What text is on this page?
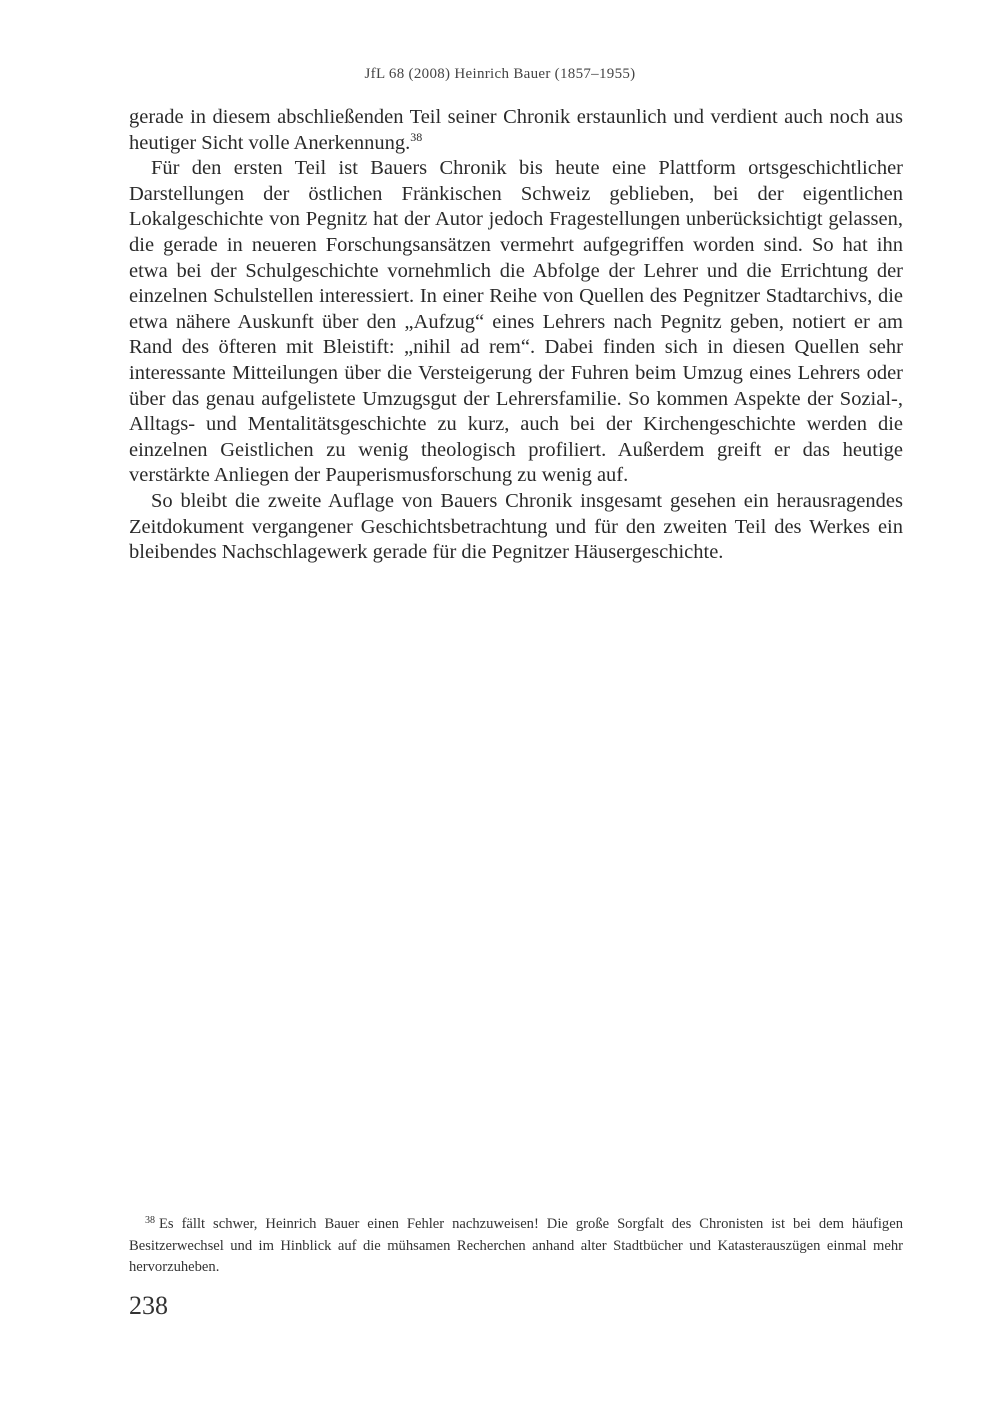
JfL 68 (2008) Heinrich Bauer (1857–1955)

gerade in diesem abschließenden Teil seiner Chronik erstaunlich und verdient auch noch aus heutiger Sicht volle Anerkennung.$^{38}$

Für den ersten Teil ist Bauers Chronik bis heute eine Plattform ortsgeschichtlicher Darstellungen der östlichen Fränkischen Schweiz geblieben, bei der eigentlichen Lokalgeschichte von Pegnitz hat der Autor jedoch Fragestellungen unberücksichtigt gelassen, die gerade in neueren Forschungsansätzen vermehrt aufgegriffen worden sind. So hat ihn etwa bei der Schulgeschichte vornehmlich die Abfolge der Lehrer und die Errichtung der einzelnen Schulstellen interessiert. In einer Reihe von Quellen des Pegnitzer Stadtarchivs, die etwa nähere Auskunft über den „Aufzug“ eines Lehrers nach Pegnitz geben, notiert er am Rand des öfteren mit Bleistift: „nihil ad rem“. Dabei finden sich in diesen Quellen sehr interessante Mitteilungen über die Versteigerung der Fuhren beim Umzug eines Lehrers oder über das genau aufgelistete Umzugsgut der Lehrersfamilie. So kommen Aspekte der Sozial-, Alltags- und Mentalitätsgeschichte zu kurz, auch bei der Kirchengeschichte werden die einzelnen Geistlichen zu wenig theologisch profiliert. Außerdem greift er das heutige verstärkte Anliegen der Pauperismusforschung zu wenig auf.

So bleibt die zweite Auflage von Bauers Chronik insgesamt gesehen ein herausragendes Zeitdokument vergangener Geschichtsbetrachtung und für den zweiten Teil des Werkes ein bleibendes Nachschlagewerk gerade für die Pegnitzer Häusergeschichte.

$^{38}$ Es fällt schwer, Heinrich Bauer einen Fehler nachzuweisen! Die große Sorgfalt des Chronisten ist bei dem häufigen Besitzerwechsel und im Hinblick auf die mühsamen Recherchen anhand alter Stadtbücher und Katasterauszügen einmal mehr hervorzuheben.
238
